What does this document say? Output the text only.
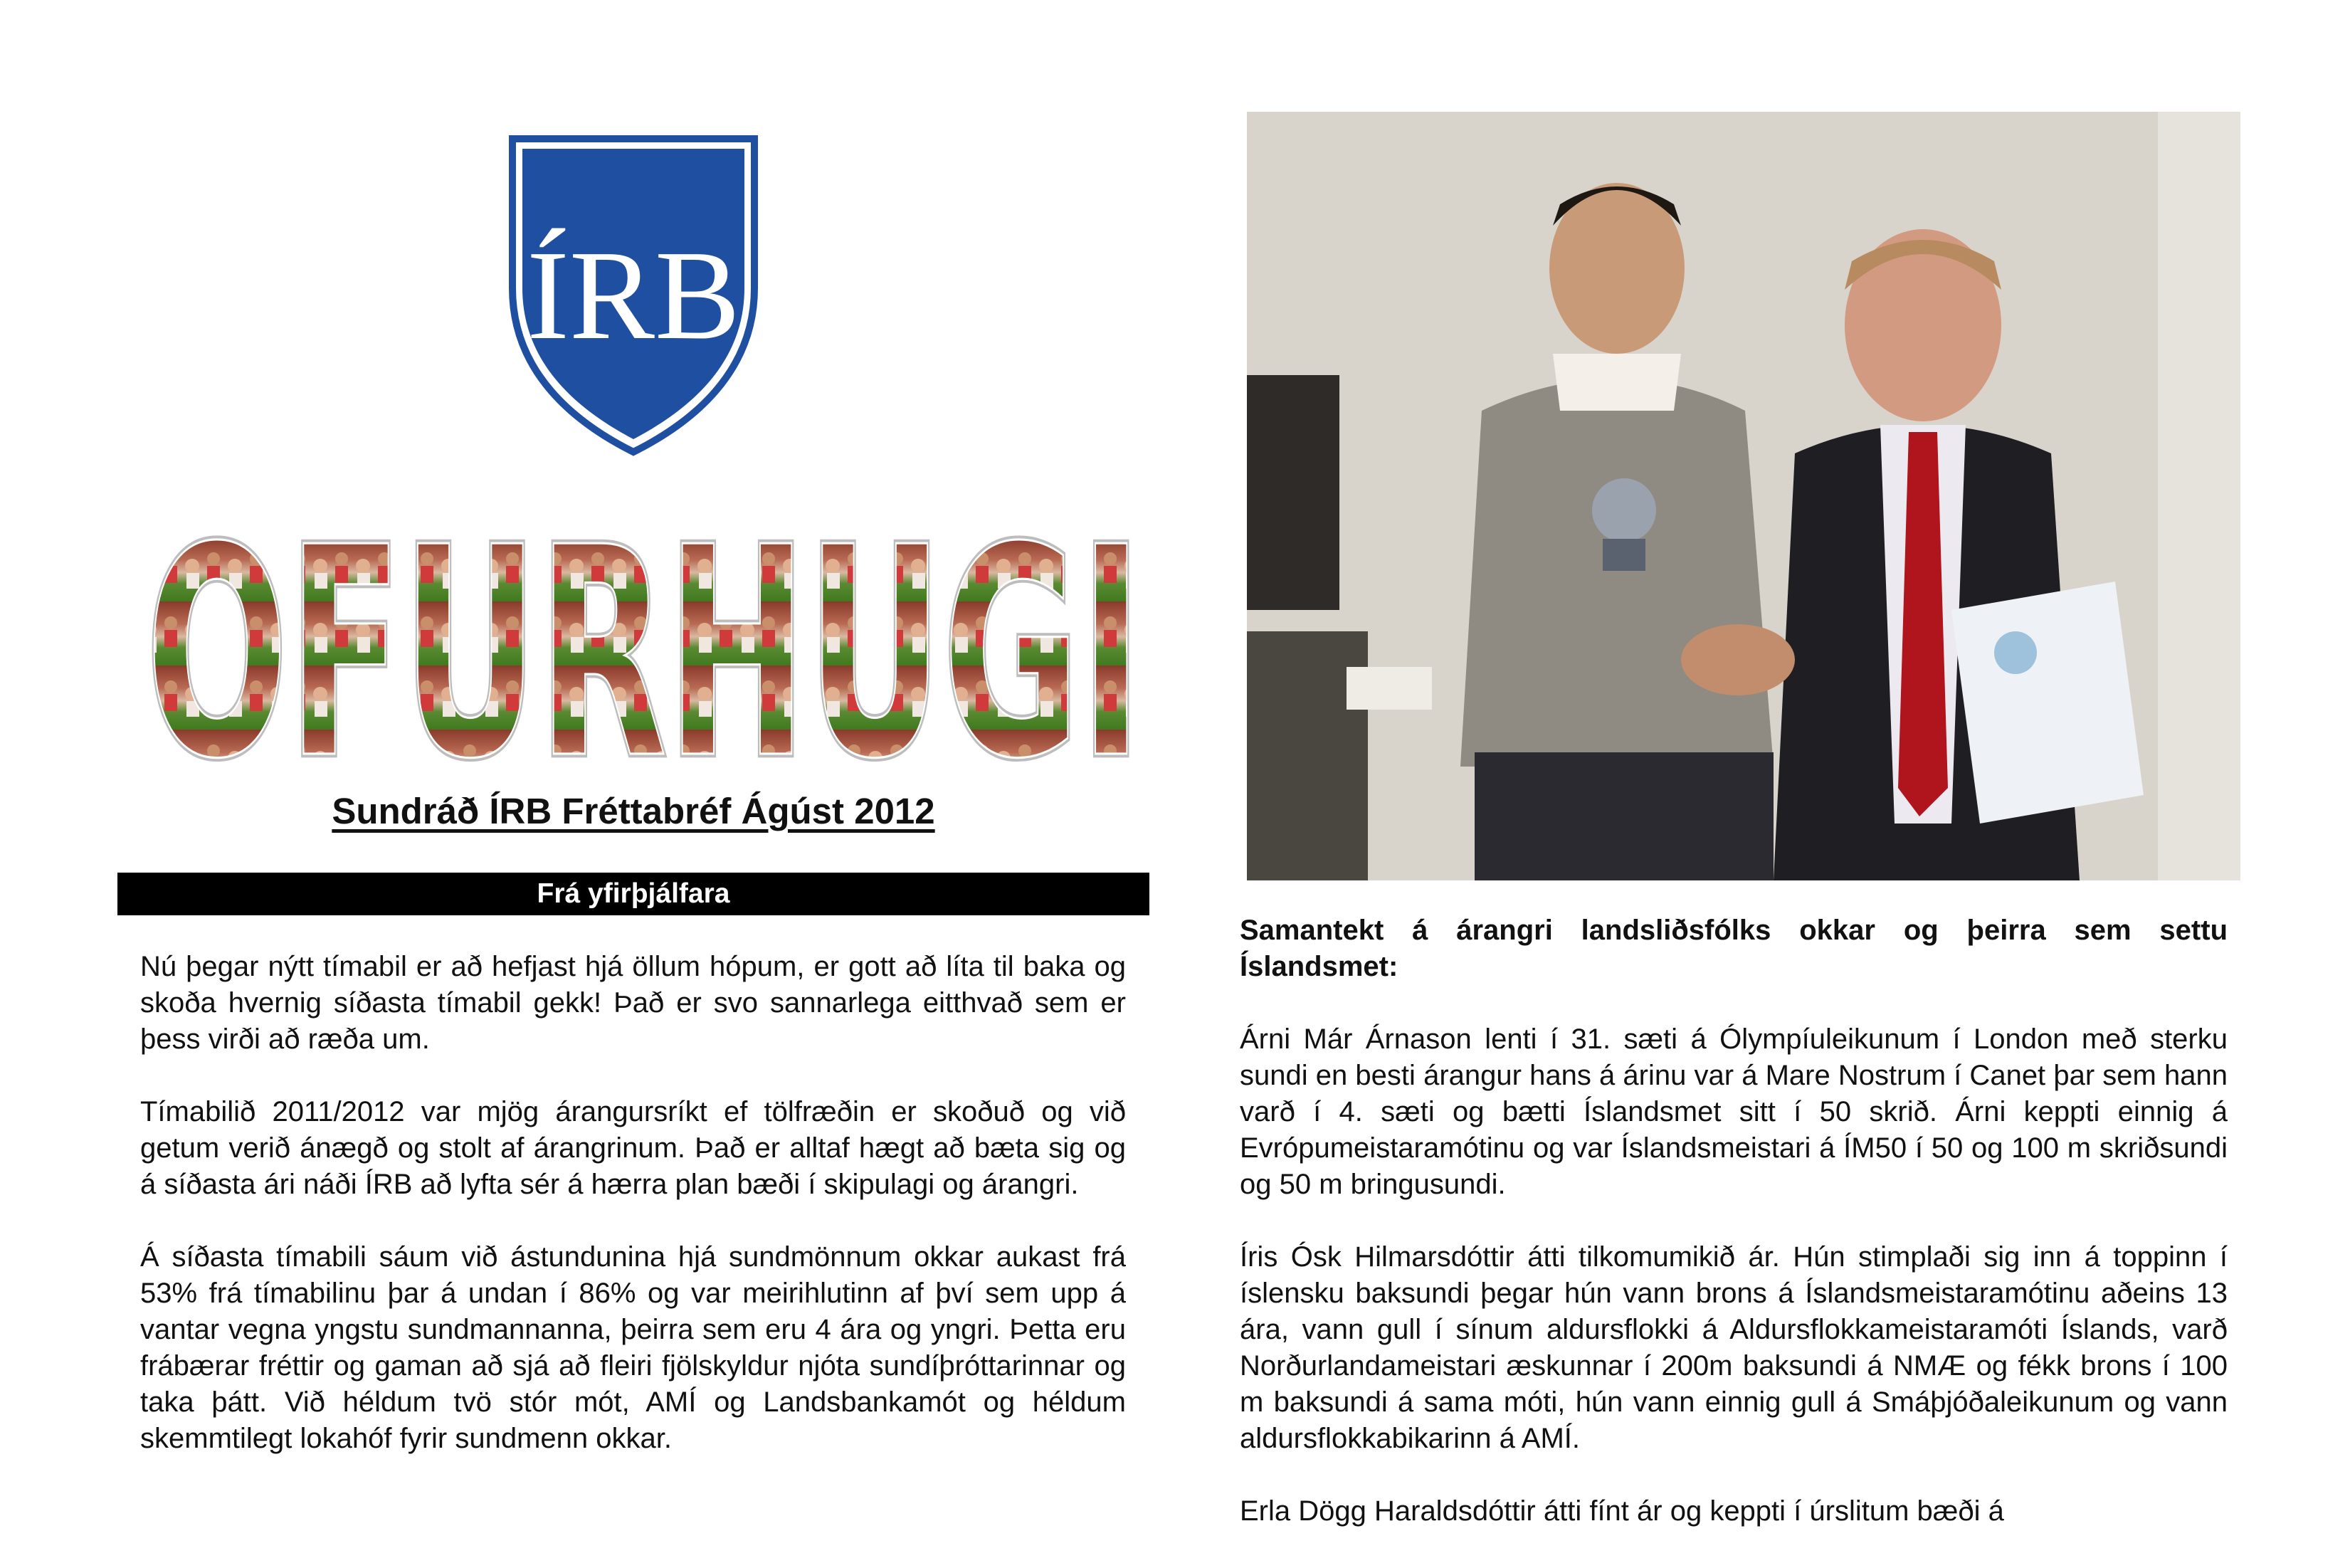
ÍRB
OFURHUGI
Sundráð ÍRB Fréttabréf Ágúst 2012
Frá yfirþjálfara

Nú þegar nýtt tímabil er að hefjast hjá öllum hópum, er gott að líta til baka og skoða hvernig síðasta tímabil gekk! Það er svo sannarlega eitthvað sem er þess virði að ræða um.

Tímabilið 2011/2012 var mjög árangursríkt ef tölfræðin er skoðuð og við getum verið ánægð og stolt af árangrinum. Það er alltaf hægt að bæta sig og á síðasta ári náði ÍRB að lyfta sér á hærra plan bæði í skipulagi og árangri.

Á síðasta tímabili sáum við ástundunina hjá sundmönnum okkar aukast frá 53% frá tímabilinu þar á undan í 86% og var meirihlutinn af því sem upp á vantar vegna yngstu sundmannanna, þeirra sem eru 4 ára og yngri. Þetta eru frábærar fréttir og gaman að sjá að fleiri fjölskyldur njóta sundíþróttarinnar og taka þátt. Við héldum tvö stór mót, AMÍ og Landsbankamót og héldum skemmtilegt lokahóf fyrir sundmenn okkar.

Samantekt á árangri landsliðsfólks okkar og þeirra sem settu Íslandsmet:

Árni Már Árnason lenti í 31. sæti á Ólympíuleikunum í London með sterku sundi en besti árangur hans á árinu var á Mare Nostrum í Canet þar sem hann varð í 4. sæti og bætti Íslandsmet sitt í 50 skrið. Árni keppti einnig á Evrópumeistaramótinu og var Íslandsmeistari á ÍM50 í 50 og 100 m skriðsundi og 50 m bringusundi.

Íris Ósk Hilmarsdóttir átti tilkomumikið ár. Hún stimplaði sig inn á toppinn í íslensku baksundi þegar hún vann brons á Íslandsmeistaramótinu aðeins 13 ára, vann gull í sínum aldursflokki á Aldursflokkameistaramóti Íslands, varð Norðurlandameistari æskunnar í 200m baksundi á NMÆ og fékk brons í 100 m baksundi á sama móti, hún vann einnig gull á Smáþjóðaleikunum og vann aldursflokkabikarinn á AMÍ.

Erla Dögg Haraldsdóttir átti fínt ár og keppti í úrslitum bæði á
